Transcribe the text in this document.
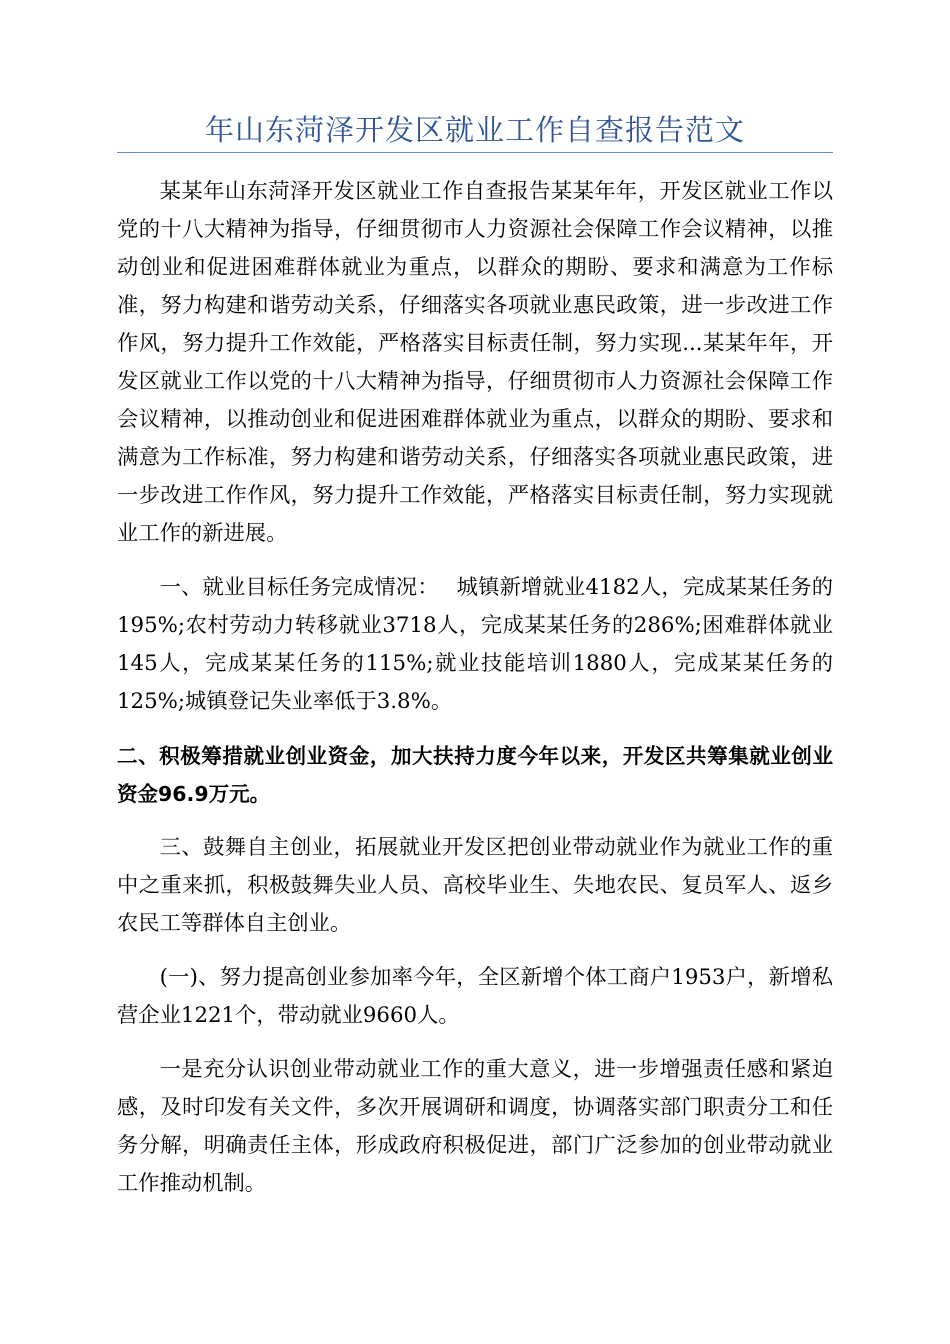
年山东菏泽开发区就业工作自查报告范文

某某年山东菏泽开发区就业工作自查报告某某年年，开发区就业工作以党的十八大精神为指导，仔细贯彻市人力资源社会保障工作会议精神，以推动创业和促进困难群体就业为重点，以群众的期盼、要求和满意为工作标准，努力构建和谐劳动关系，仔细落实各项就业惠民政策，进一步改进工作作风，努力提升工作效能，严格落实目标责任制，努力实现...某某年年，开发区就业工作以党的十八大精神为指导，仔细贯彻市人力资源社会保障工作会议精神，以推动创业和促进困难群体就业为重点，以群众的期盼、要求和满意为工作标准，努力构建和谐劳动关系，仔细落实各项就业惠民政策，进一步改进工作作风，努力提升工作效能，严格落实目标责任制，努力实现就业工作的新进展。

一、就业目标任务完成情况：　 城镇新增就业4182人，完成某某任务的195%;农村劳动力转移就业3718人，完成某某任务的286%;困难群体就业145人，完成某某任务的115%;就业技能培训1880人，完成某某任务的125%;城镇登记失业率低于3.8%。

二、积极筹措就业创业资金，加大扶持力度今年以来，开发区共筹集就业创业资金96.9万元。

三、鼓舞自主创业，拓展就业开发区把创业带动就业作为就业工作的重中之重来抓，积极鼓舞失业人员、高校毕业生、失地农民、复员军人、返乡农民工等群体自主创业。

(一)、努力提高创业参加率今年，全区新增个体工商户1953户，新增私营企业1221个，带动就业9660人。

一是充分认识创业带动就业工作的重大意义，进一步增强责任感和紧迫感，及时印发有关文件，多次开展调研和调度，协调落实部门职责分工和任务分解，明确责任主体，形成政府积极促进，部门广泛参加的创业带动就业工作推动机制。
